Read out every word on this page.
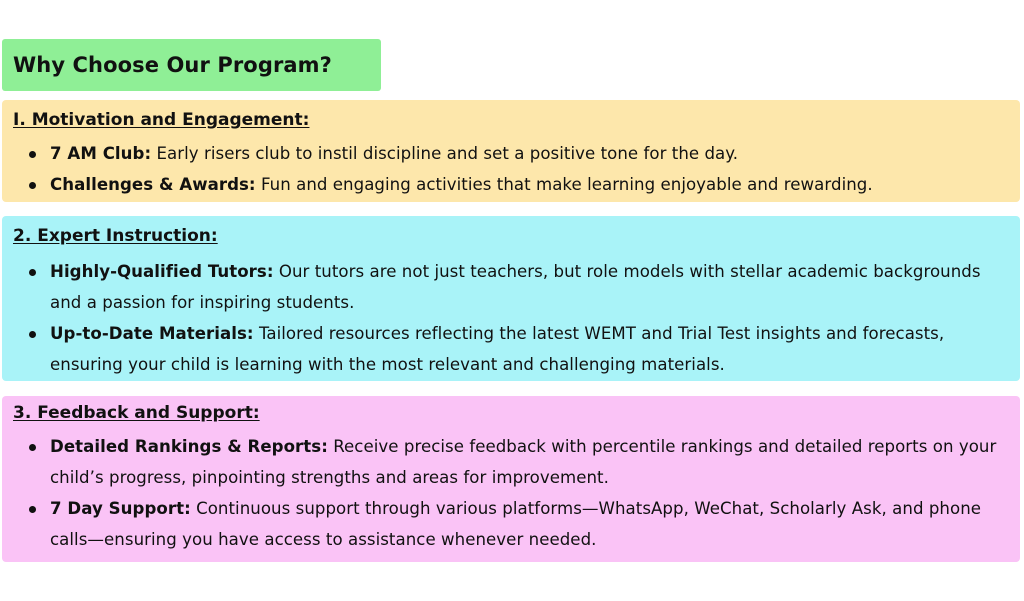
Why Choose Our Program?
I. Motivation and Engagement:
7 AM Club: Early risers club to instil discipline and set a positive tone for the day.
Challenges & Awards: Fun and engaging activities that make learning enjoyable and rewarding.
2. Expert Instruction:
Highly-Qualified Tutors: Our tutors are not just teachers, but role models with stellar academic backgrounds and a passion for inspiring students.
Up-to-Date Materials: Tailored resources reflecting the latest WEMT and Trial Test insights and forecasts, ensuring your child is learning with the most relevant and challenging materials.
3. Feedback and Support:
Detailed Rankings & Reports: Receive precise feedback with percentile rankings and detailed reports on your child’s progress, pinpointing strengths and areas for improvement.
7 Day Support: Continuous support through various platforms—WhatsApp, WeChat, Scholarly Ask, and phone calls—ensuring you have access to assistance whenever needed.
